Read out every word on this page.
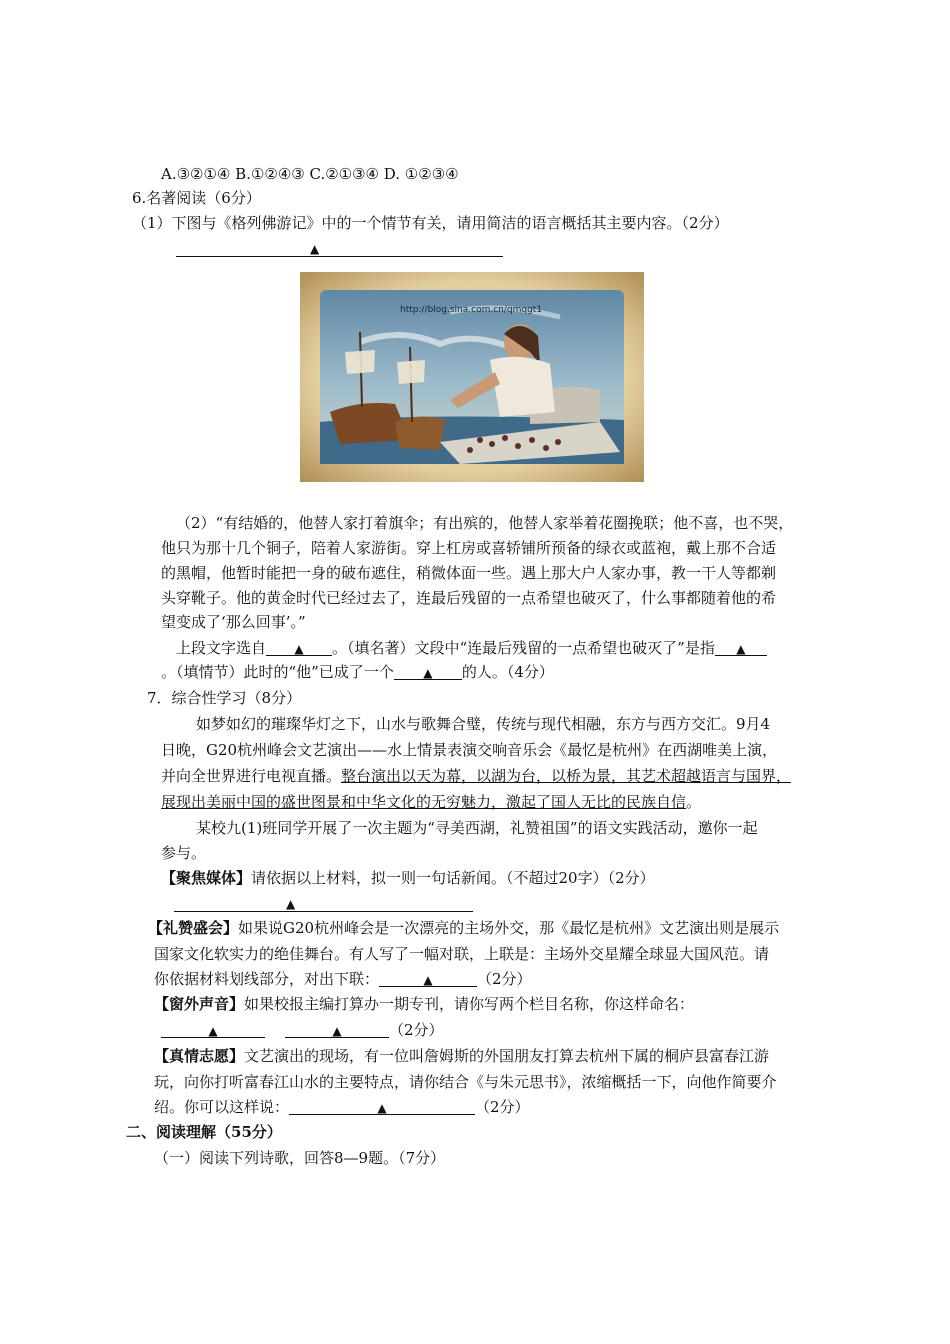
A.③②①④ B.①②④③ C.②①③④ D. ①②③④
6.名著阅读（6分）
（1）下图与《格列佛游记》中的一个情节有关，请用简洁的语言概括其主要内容。（2分）
▲
http://blog.sina.com.cn/qmqgt1
（2）“有结婚的，他替人家打着旗伞；有出殡的，他替人家举着花圈挽联；他不喜，也不哭，
他只为那十几个铜子，陪着人家游街。穿上杠房或喜轿铺所预备的绿衣或蓝袍，戴上那不合适
的黑帽，他暂时能把一身的破布遮住，稍微体面一些。遇上那大户人家办事，教一干人等都剃
头穿靴子。他的黄金时代已经过去了，连最后残留的一点希望也破灭了，什么事都随着他的希
望变成了‘那么回事’。”
上段文字选自 ▲ 。（填名著）文段中“连最后残留的一点希望也破灭了”是指 ▲
。（填情节）此时的“他”已成了一个 ▲ 的人。（4分）
7．综合性学习（8分）
如梦如幻的璀璨华灯之下，山水与歌舞合璧，传统与现代相融，东方与西方交汇。9月4
日晚，G20杭州峰会文艺演出——水上情景表演交响音乐会《最忆是杭州》在西湖唯美上演，
并向全世界进行电视直播。整台演出以天为幕，以湖为台，以桥为景，其艺术超越语言与国界，
展现出美丽中国的盛世图景和中华文化的无穷魅力，激起了国人无比的民族自信。
某校九(1)班同学开展了一次主题为“寻美西湖，礼赞祖国”的语文实践活动，邀你一起
参与。
【聚焦媒体】请依据以上材料，拟一则一句话新闻。（不超过20字）（2分）
▲
【礼赞盛会】如果说G20杭州峰会是一次漂亮的主场外交，那《最忆是杭州》文艺演出则是展示
国家文化软实力的绝佳舞台。有人写了一幅对联，上联是：主场外交星耀全球显大国风范。请
你依据材料划线部分，对出下联：	▲	（2分）
【窗外声音】如果校报主编打算办一期专刊，请你写两个栏目名称，你这样命名：
▲	▲	（2分）
【真情志愿】文艺演出的现场，有一位叫詹姆斯的外国朋友打算去杭州下属的桐庐县富春江游
玩，向你打听富春江山水的主要特点，请你结合《与朱元思书》，浓缩概括一下，向他作简要介
绍。你可以这样说：	▲	（2分）
二、阅读理解（55分）
（一）阅读下列诗歌，回答8—9题。（7分）
